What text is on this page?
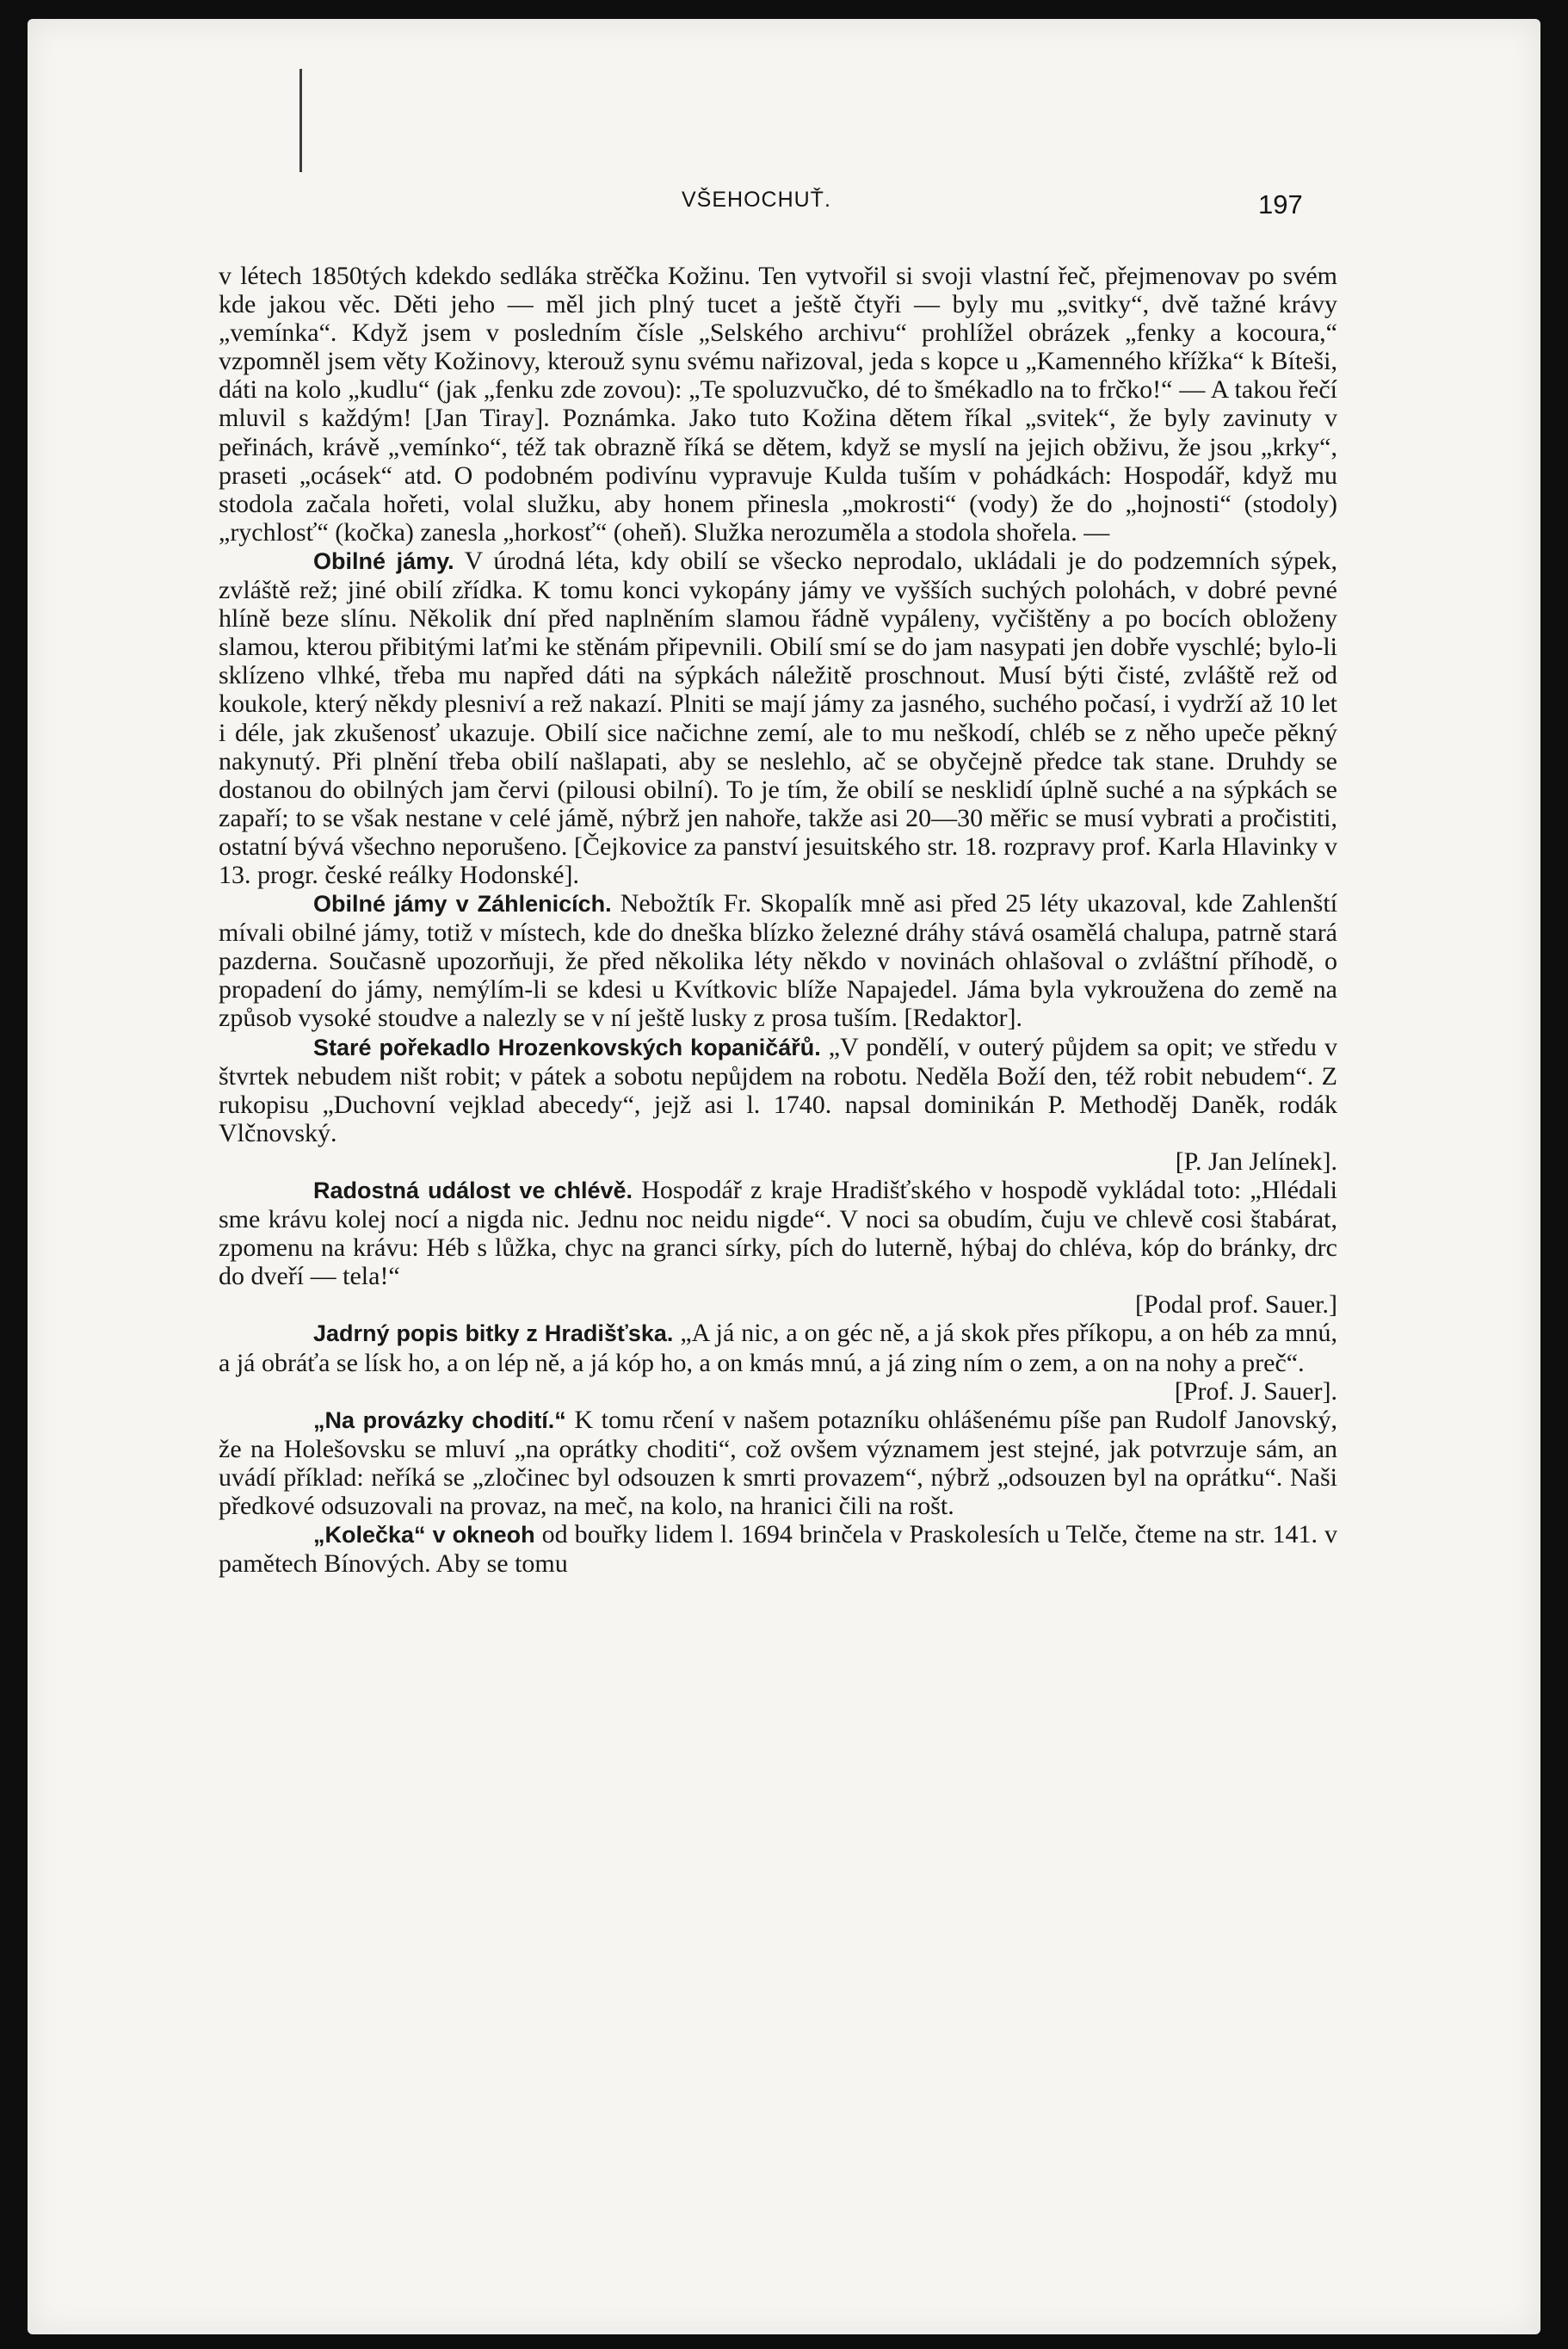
VŠEHOCHUŤ.	197

v létech 1850tých kdekdo sedláka strěčka Kožinu. Ten vytvořil si svoji vlastní řeč, přejmenovav po svém kde jakou věc. Děti jeho — měl jich plný tucet a ještě čtyři — byly mu „svitky“, dvě tažné krávy „vemínka“. Když jsem v posledním čísle „Selského archivu“ prohlížel obrázek „fenky a kocoura,“ vzpomněl jsem věty Kožinovy, kterouž synu svému nařizoval, jeda s kopce u „Kamenného křížka“ k Bíteši, dáti na kolo „kudlu“ (jak „fenku zde zovou): „Te spoluzvučko, dé to šmékadlo na to frčko!“ — A takou řečí mluvil s každým! [Jan Tiray]. Poznámka. Jako tuto Kožina dětem říkal „svitek“, že byly zavinuty v peřinách, krávě „vemínko“, též tak obrazně říká se dětem, když se myslí na jejich obživu, že jsou „krky“, praseti „ocásek“ atd. O podobném podivínu vypravuje Kulda tuším v pohádkách: Hospodář, když mu stodola začala hořeti, volal služku, aby honem přinesla „mokrosti“ (vody) že do „hojnosti“ (stodoly) „rychlosť“ (kočka) zanesla „horkosť“ (oheň). Služka nerozuměla a stodola shořela. —

Obilné jámy. V úrodná léta, kdy obilí se všecko neprodalo, ukládali je do podzemních sýpek, zvláště rež; jiné obilí zřídka. K tomu konci vykopány jámy ve vyšších suchých polohách, v dobré pevné hlíně beze slínu. Několik dní před naplněním slamou řádně vypáleny, vyčištěny a po bocích obloženy slamou, kterou přibitými laťmi ke stěnám připevnili. Obilí smí se do jam nasypati jen dobře vyschlé; bylo-li sklízeno vlhké, třeba mu napřed dáti na sýpkách náležitě proschnout. Musí býti čisté, zvláště rež od koukole, který někdy plesniví a rež nakazí. Plniti se mají jámy za jasného, suchého počasí, i vydrží až 10 let i déle, jak zkušenosť ukazuje. Obilí sice načichne zemí, ale to mu neškodí, chléb se z něho upeče pěkný nakynutý. Při plnění třeba obilí našlapati, aby se neslehlo, ač se obyčejně předce tak stane. Druhdy se dostanou do obilných jam červi (pilousi obilní). To je tím, že obilí se nesklidí úplně suché a na sýpkách se zapaří; to se však nestane v celé jámě, nýbrž jen nahoře, takže asi 20—30 měřic se musí vybrati a pročistiti, ostatní bývá všechno neporušeno. [Čejkovice za panství jesuitského str. 18. rozpravy prof. Karla Hlavinky v 13. progr. české reálky Hodonské].

Obilné jámy v Záhlenicích. Nebožtík Fr. Skopalík mně asi před 25 léty ukazoval, kde Zahlenští mívali obilné jámy, totiž v místech, kde do dneška blízko železné dráhy stává osamělá chalupa, patrně stará pazderna. Současně upozorňuji, že před několika léty někdo v novinách ohlašoval o zvláštní příhodě, o propadení do jámy, nemýlím-li se kdesi u Kvítkovic blíže Napajedel. Jáma byla vykroužena do země na způsob vysoké stoudve a nalezly se v ní ještě lusky z prosa tuším. [Redaktor].

Staré pořekadlo Hrozenkovských kopaničářů. „V pondělí, v outerý půjdem sa opit; ve středu v štvrtek nebudem ništ robit; v pátek a sobotu nepůjdem na robotu. Neděla Boží den, též robit nebudem“. Z rukopisu „Duchovní vejklad abecedy“, jejž asi l. 1740. napsal dominikán P. Methoděj Daněk, rodák Vlčnovský.
[P. Jan Jelínek].

Radostná událost ve chlévě. Hospodář z kraje Hradišťského v hospodě vykládal toto: „Hlédali sme krávu kolej nocí a nigda nic. Jednu noc neidu nigde“. V noci sa obudím, čuju ve chlevě cosi štabárat, zpomenu na krávu: Héb s lůžka, chyc na granci sírky, pích do luterně, hýbaj do chléva, kóp do bránky, drc do dveří — tela!“
[Podal prof. Sauer.]

Jadrný popis bitky z Hradišťska. „A já nic, a on géc ně, a já skok přes příkopu, a on héb za mnú, a já obráťa se lísk ho, a on lép ně, a já kóp ho, a on kmás mnú, a já zing ním o zem, a on na nohy a preč“.
[Prof. J. Sauer].

„Na provázky chodití.“ K tomu rčení v našem potazníku ohlášenému píše pan Rudolf Janovský, že na Holešovsku se mluví „na oprátky choditi“, což ovšem významem jest stejné, jak potvrzuje sám, an uvádí příklad: neříká se „zločinec byl odsouzen k smrti provazem“, nýbrž „odsouzen byl na oprátku“. Naši předkové odsuzovali na provaz, na meč, na kolo, na hranici čili na rošt.

„Kolečka“ v okneoh od bouřky lidem l. 1694 brinčela v Praskolesích u Telče, čteme na str. 141. v pamětech Bínových. Aby se tomu
